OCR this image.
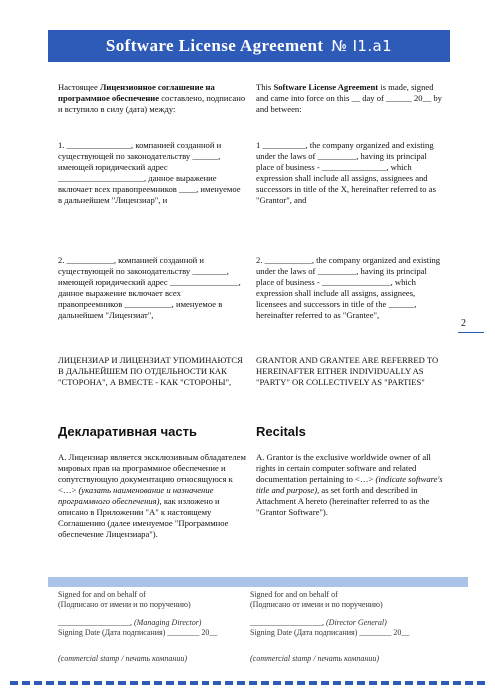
Software License Agreement № I1.a1
Настоящее Лицензионное соглашение на программное обеспечение составлено, подписано и вступило в силу (дата) между:
This Software License Agreement is made, signed and came into force on this __ day of ______ 20__ by and between:
1. _______________, компанией созданной и существующей по законодательству ______, имеющей юридический адрес ____________________, данное выражение включает всех правопреемников ____, именуемое в дальнейшем "Лицензиар", и
1 __________, the company organized and existing under the laws of _________, having its principal place of business - _______________, which expression shall include all assigns, assignees and successors in title of the X, hereinafter referred to as "Grantor", and
2. ___________, компанией созданной и существующей по законодательству ________, имеющей юридический адрес ________________, данное выражение включает всех правопреемников ___________, именуемое в дальнейшем "Лицензиат",
2. ___________, the company organized and existing under the laws of _________, having its principal place of business - ________________, which expression shall include all assigns, assignees, licensees and successors in title of the ______, hereinafter referred to as "Grantee",
2
ЛИЦЕНЗИАР И ЛИЦЕНЗИАТ УПОМИНАЮТСЯ В ДАЛЬНЕЙШЕМ ПО ОТДЕЛЬНОСТИ КАК "СТОРОНА", А ВМЕСТЕ - КАК "СТОРОНЫ",
GRANTOR AND GRANTEE ARE REFERRED TO HEREINAFTER EITHER INDIVIDUALLY AS "PARTY" OR COLLECTIVELY AS "PARTIES"
Декларативная часть	Recitals
А. Лицензиар является эксклюзивным обладателем мировых прав на программное обеспечение и сопутствующую документацию относящуюся к <…> (указать наименование и назначение программного обеспечения), как изложено и описано в Приложении "А" к настоящему Соглашению (далее именуемое "Программное обеспечение Лицензиара").
A. Grantor is the exclusive worldwide owner of all rights in certain computer software and related documentation pertaining to <…> (indicate software's title and purpose), as set forth and described in Attachment A hereto (hereinafter referred to as the "Grantor Software").
Signed for and on behalf of
(Подписано от имени и по поручению)
__________________, (Managing Director)
Signing Date (Дата подписания) ________ 20__
(commercial stamp / печать компании)
Signed for and on behalf of
(Подписано от имени и по поручению)
__________________, (Director General)
Signing Date (Дата подписания) ________ 20__
(commercial stamp / печать компании)
